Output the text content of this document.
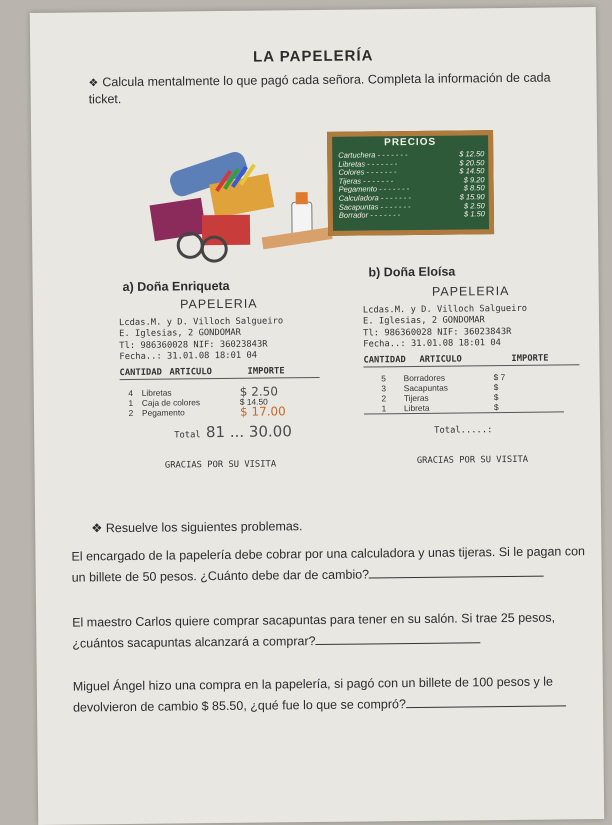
LA PAPELERÍA
❖ Calcula mentalmente lo que pagó cada señora. Completa la información de cada ticket.
PRECIOS
Cartuchera - - -	$ 12.50
Libretas - - -	$ 20.50
Colores - - -	$ 14.50
Tijeras - - -	$ 9.20
Pegamento - - -	$ 8.50
Calculadora - - -	$ 15.90
Sacapuntas - - -	$ 2.50
Borrador - - -	$ 1.50
a) Doña Enriqueta
b) Doña Eloísa
PAPELERIA
Lcdas.M. y D. Villoch Salgueiro
E. Iglesias, 2 GONDOMAR
Tl: 986360028 NIF: 36023843R
Fecha..: 31.01.08 18:01 04
CANTIDAD ARTICULO	IMPORTE
4	Libretas	$ 2.50
1	Caja de colores	$ 14.50
2	Pegamento	$ 17.00
Total 81 ... 30.00
GRACIAS POR SU VISITA
PAPELERIA
Lcdas.M. y D. Villoch Salgueiro
E. Iglesias, 2 GONDOMAR
Tl: 986360028 NIF: 36023843R
Fecha..: 31.01.08 18:01 04
CANTIDAD	ARTICULO	IMPORTE
5	Borradores	$ 7
3	Sacapuntas	$
2	Tijeras	$
1	Libreta	$
Total.....:
GRACIAS POR SU VISITA
❖ Resuelve los siguientes problemas.
El encargado de la papelería debe cobrar por una calculadora y unas tijeras. Si le pagan con un billete de 50 pesos. ¿Cuánto debe dar de cambio?
El maestro Carlos quiere comprar sacapuntas para tener en su salón. Si trae 25 pesos, ¿cuántos sacapuntas alcanzará a comprar?
Miguel Ángel hizo una compra en la papelería, si pagó con un billete de 100 pesos y le devolvieron de cambio $ 85.50, ¿qué fue lo que se compró?
